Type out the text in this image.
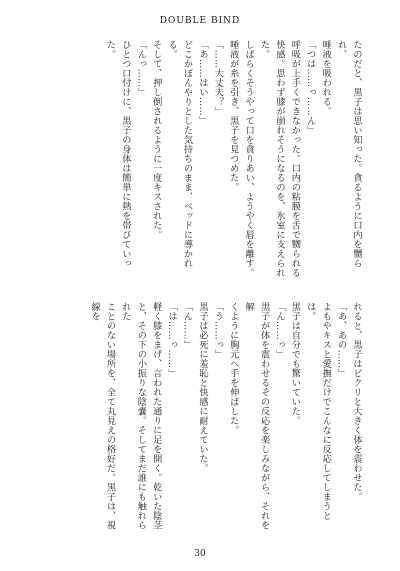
DOUBLE BIND
たのだと、黒子は思い知った。貪るように口内を嬲られ、
唾液を吸われる。
「つは……っ……ん」
呼吸が上手くできなかった。口内の粘膜を舌で嬲られる
快感。思わず膝が崩れそうになるのを、氷室に支えられた。
しばらくそうやって口を貪りあい、ようやく唇を離す。
唾液が糸を引き、黒子を見つめた。
「……大丈夫？」
「あ……はい……」
どこかぼんやりとした気持ちのまま、ベッドに導かれる。
そして、押し倒されるように一度キスされた。
「んっ……」
ひとつ口付けに、黒子の身体は簡単に熱を帯びていった。
れると、黒子はビクリと大きく体を震わせた。
「あ、あの……」
よもやキスと愛撫だけでこんなに反応してしまうとは。
黒子は自分でも驚いていた。
「ん……っ」
黒子が体を震わせるその反応を楽しみながら、それを解
くように胸元へ手を伸ばした。
「う……っ」
黒子は必死に羞恥と快感に耐えていた。
「ん……」
「は……っ……」
軽く膝をまげ、言われた通りに足を開く。乾いた陰茎
と、その下の小振りな陰嚢。そしてまだ誰にも触れられた
ことのない場所を、全て丸見えの格好だ。黒子は、視線を
30
